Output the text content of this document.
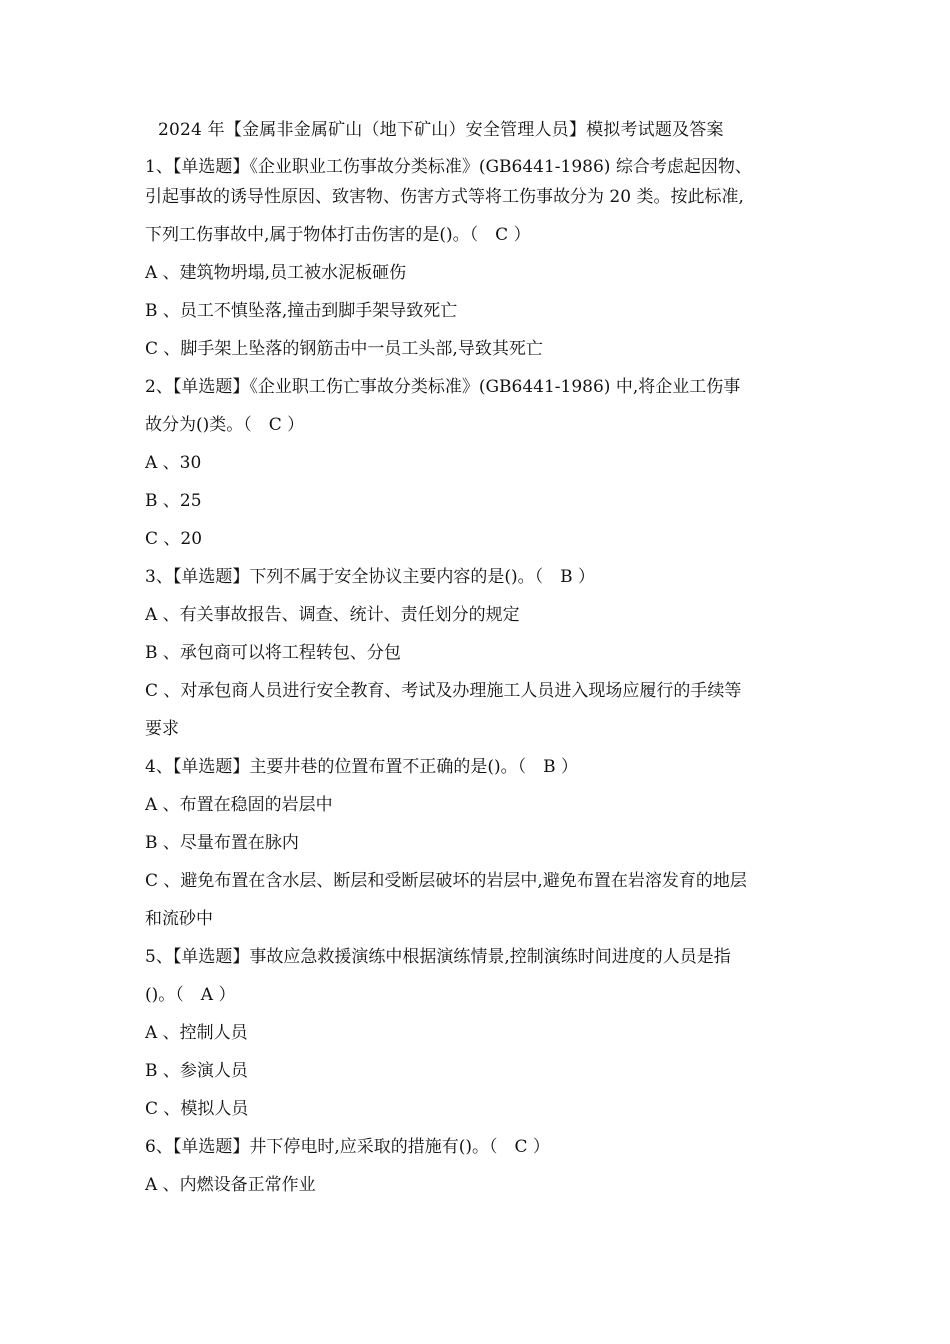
2024 年【金属非金属矿山（地下矿山）安全管理人员】模拟考试题及答案
1、【单选题】《企业职业工伤事故分类标准》(GB6441-1986) 综合考虑起因物、
引起事故的诱导性原因、致害物、伤害方式等将工伤事故分为 20 类。按此标准,
下列工伤事故中,属于物体打击伤害的是()。（　C ）
A 、建筑物坍塌,员工被水泥板砸伤
B 、员工不慎坠落,撞击到脚手架导致死亡
C 、脚手架上坠落的钢筋击中一员工头部,导致其死亡
2、【单选题】《企业职工伤亡事故分类标准》(GB6441-1986) 中,将企业工伤事
故分为()类。（　C ）
A 、30
B 、25
C 、20
3、【单选题】下列不属于安全协议主要内容的是()。（　B ）
A 、有关事故报告、调查、统计、责任划分的规定
B 、承包商可以将工程转包、分包
C 、对承包商人员进行安全教育、考试及办理施工人员进入现场应履行的手续等
要求
4、【单选题】主要井巷的位置布置不正确的是()。（　B ）
A 、布置在稳固的岩层中
B 、尽量布置在脉内
C 、避免布置在含水层、断层和受断层破坏的岩层中,避免布置在岩溶发育的地层
和流砂中
5、【单选题】事故应急救援演练中根据演练情景,控制演练时间进度的人员是指
()。（　A ）
A 、控制人员
B 、参演人员
C 、模拟人员
6、【单选题】井下停电时,应采取的措施有()。（　C ）
A 、内燃设备正常作业
